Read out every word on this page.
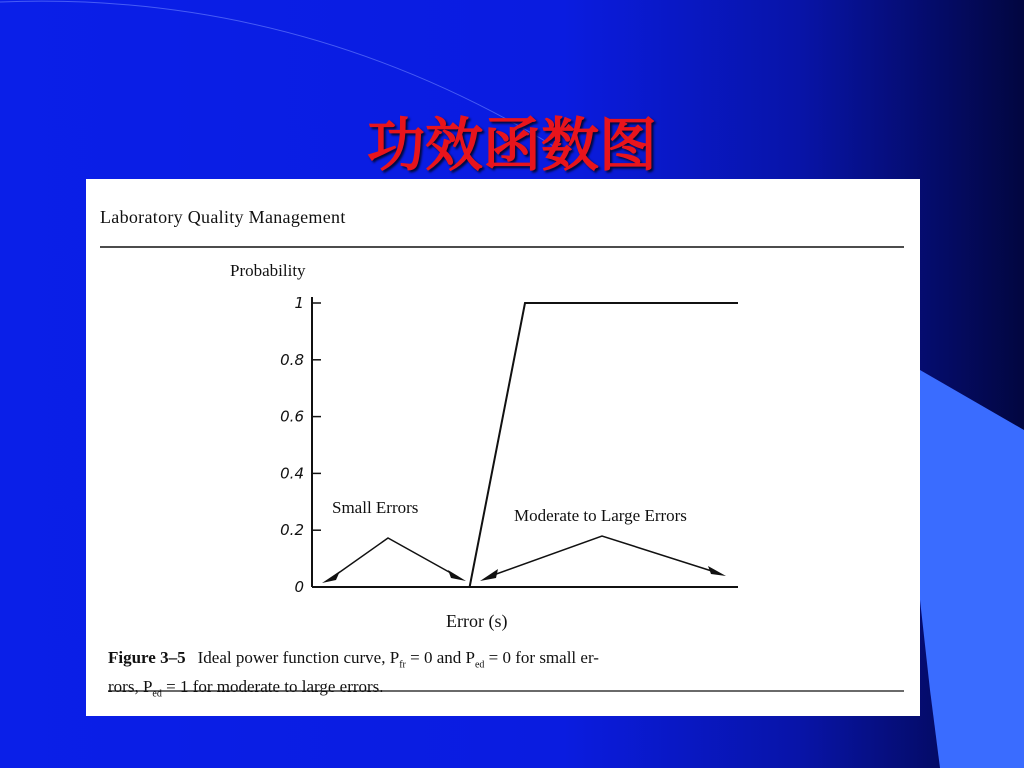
功效函数图
0
0.2
0.4
0.6
0.8
1
Laboratory Quality Management
Probability
Error (s)
Small Errors	Moderate to Large Errors
Figure 3–5 Ideal power function curve, $P_{fr} = 0$ and $P_{ed} = 0$ for small er-
rors, $P_{ed} = 1$ for moderate to large errors.
